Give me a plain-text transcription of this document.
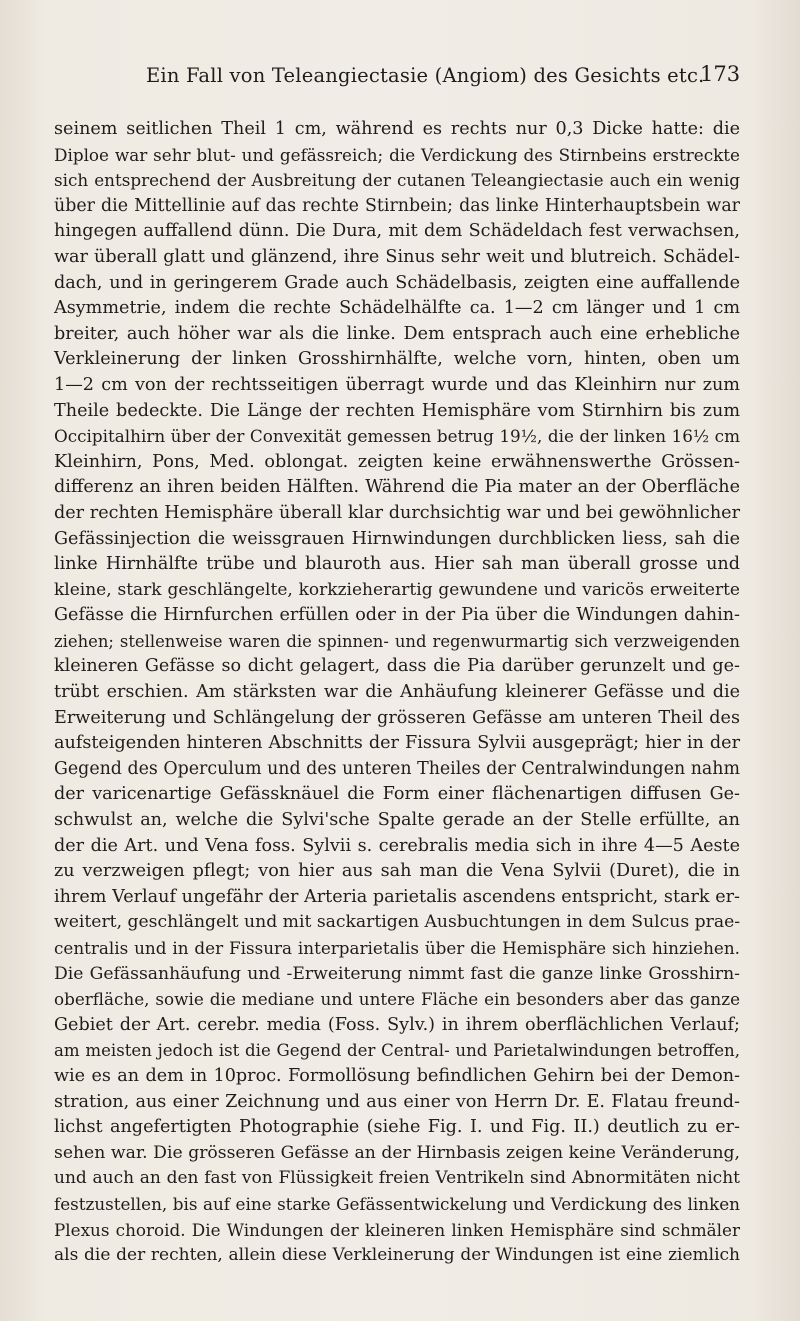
Ein Fall von Teleangiectasie (Angiom) des Gesichts etc.
173
seinem seitlichen Theil 1 cm, während es rechts nur 0,3 Dicke hatte: die
Diploe war sehr blut- und gefässreich; die Verdickung des Stirnbeins erstreckte
sich entsprechend der Ausbreitung der cutanen Teleangiectasie auch ein wenig
über die Mittellinie auf das rechte Stirnbein; das linke Hinterhauptsbein war
hingegen auffallend dünn. Die Dura, mit dem Schädeldach fest verwachsen,
war überall glatt und glänzend, ihre Sinus sehr weit und blutreich. Schädel-
dach, und in geringerem Grade auch Schädelbasis, zeigten eine auffallende
Asymmetrie, indem die rechte Schädelhälfte ca. 1—2 cm länger und 1 cm
breiter, auch höher war als die linke. Dem entsprach auch eine erhebliche
Verkleinerung der linken Grosshirnhälfte, welche vorn, hinten, oben um
1—2 cm von der rechtsseitigen überragt wurde und das Kleinhirn nur zum
Theile bedeckte. Die Länge der rechten Hemisphäre vom Stirnhirn bis zum
Occipitalhirn über der Convexität gemessen betrug 19½, die der linken 16½ cm
Kleinhirn, Pons, Med. oblongat. zeigten keine erwähnenswerthe Grössen-
differenz an ihren beiden Hälften. Während die Pia mater an der Oberfläche
der rechten Hemisphäre überall klar durchsichtig war und bei gewöhnlicher
Gefässinjection die weissgrauen Hirnwindungen durchblicken liess, sah die
linke Hirnhälfte trübe und blauroth aus. Hier sah man überall grosse und
kleine, stark geschlängelte, korkzieherartig gewundene und varicös erweiterte
Gefässe die Hirnfurchen erfüllen oder in der Pia über die Windungen dahin-
ziehen; stellenweise waren die spinnen- und regenwurmartig sich verzweigenden
kleineren Gefässe so dicht gelagert, dass die Pia darüber gerunzelt und ge-
trübt erschien. Am stärksten war die Anhäufung kleinerer Gefässe und die
Erweiterung und Schlängelung der grösseren Gefässe am unteren Theil des
aufsteigenden hinteren Abschnitts der Fissura Sylvii ausgeprägt; hier in der
Gegend des Operculum und des unteren Theiles der Centralwindungen nahm
der varicenartige Gefässknäuel die Form einer flächenartigen diffusen Ge-
schwulst an, welche die Sylvi'sche Spalte gerade an der Stelle erfüllte, an
der die Art. und Vena foss. Sylvii s. cerebralis media sich in ihre 4—5 Aeste
zu verzweigen pflegt; von hier aus sah man die Vena Sylvii (Duret), die in
ihrem Verlauf ungefähr der Arteria parietalis ascendens entspricht, stark er-
weitert, geschlängelt und mit sackartigen Ausbuchtungen in dem Sulcus prae-
centralis und in der Fissura interparietalis über die Hemisphäre sich hinziehen.
Die Gefässanhäufung und -Erweiterung nimmt fast die ganze linke Grosshirn-
oberfläche, sowie die mediane und untere Fläche ein besonders aber das ganze
Gebiet der Art. cerebr. media (Foss. Sylv.) in ihrem oberflächlichen Verlauf;
am meisten jedoch ist die Gegend der Central- und Parietalwindungen betroffen,
wie es an dem in 10proc. Formollösung befindlichen Gehirn bei der Demon-
stration, aus einer Zeichnung und aus einer von Herrn Dr. E. Flatau freund-
lichst angefertigten Photographie (siehe Fig. I. und Fig. II.) deutlich zu er-
sehen war. Die grösseren Gefässe an der Hirnbasis zeigen keine Veränderung,
und auch an den fast von Flüssigkeit freien Ventrikeln sind Abnormitäten nicht
festzustellen, bis auf eine starke Gefässentwickelung und Verdickung des linken
Plexus choroid. Die Windungen der kleineren linken Hemisphäre sind schmäler
als die der rechten, allein diese Verkleinerung der Windungen ist eine ziemlich
